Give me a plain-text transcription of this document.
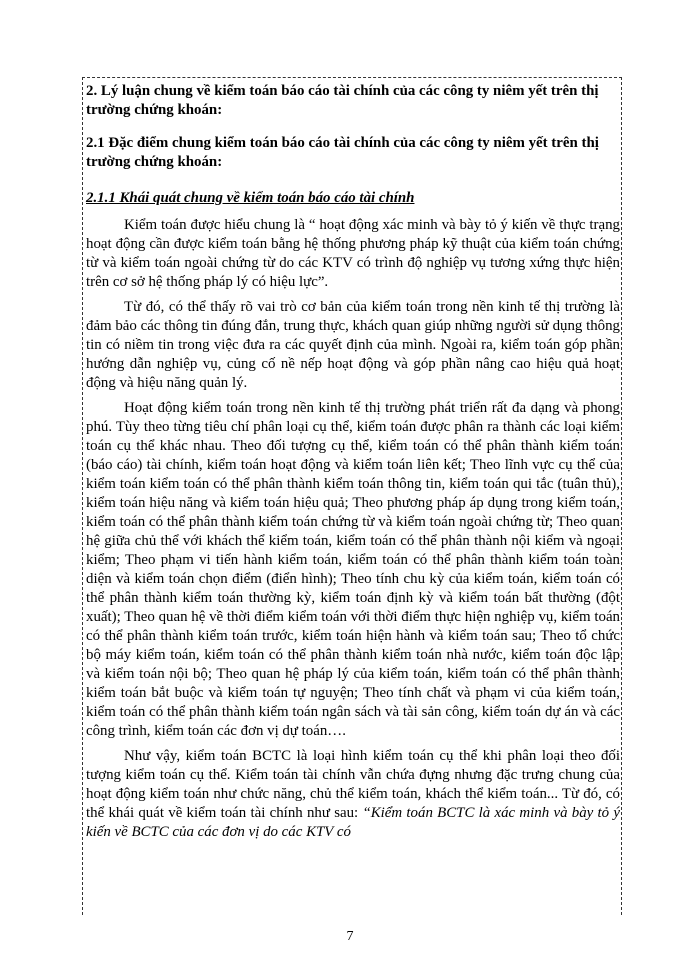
2. Lý luận chung về kiểm toán báo cáo tài chính của các công ty niêm yết trên thị trường chứng khoán:

2.1 Đặc điểm chung kiểm toán báo cáo tài chính của các công ty niêm yết trên thị trường chứng khoán:

2.1.1 Khái quát chung về kiểm toán báo cáo tài chính

Kiểm toán được hiểu chung là “ hoạt động xác minh và bày tỏ ý kiến về thực trạng hoạt động cần được kiểm toán bằng hệ thống phương pháp kỹ thuật của kiểm toán chứng từ và kiểm toán ngoài chứng từ do các KTV có trình độ nghiệp vụ tương xứng thực hiện trên cơ sở hệ thống pháp lý có hiệu lực”.

Từ đó, có thể thấy rõ vai trò cơ bản của kiểm toán trong nền kinh tế thị trường là đảm bảo các thông tin đúng đắn, trung thực, khách quan giúp những người sử dụng thông tin có niềm tin trong việc đưa ra các quyết định của mình. Ngoài ra, kiểm toán góp phần hướng dẫn nghiệp vụ, củng cố nề nếp hoạt động và góp phần nâng cao hiệu quả hoạt động và hiệu năng quản lý.

Hoạt động kiểm toán trong nền kinh tế thị trường phát triển rất đa dạng và phong phú. Tùy theo từng tiêu chí phân loại cụ thể, kiểm toán được phân ra thành các loại kiểm toán cụ thể khác nhau. Theo đối tượng cụ thể, kiểm toán có thể phân thành kiểm toán (báo cáo) tài chính, kiểm toán hoạt động và kiểm toán liên kết; Theo lĩnh vực cụ thể của kiểm toán kiểm toán có thể phân thành kiểm toán thông tin, kiểm toán qui tắc (tuân thủ), kiểm toán hiệu năng và kiểm toán hiệu quả; Theo phương pháp áp dụng trong kiểm toán, kiểm toán có thể phân thành kiểm toán chứng từ và kiểm toán ngoài chứng từ; Theo quan hệ giữa chủ thể với khách thể kiểm toán, kiểm toán có thể phân thành nội kiểm và ngoại kiểm; Theo phạm vi tiến hành kiểm toán, kiểm toán có thể phân thành kiểm toán toàn diện và kiểm toán chọn điểm (điển hình); Theo tính chu kỳ của kiểm toán, kiểm toán có thể phân thành kiểm toán thường kỳ, kiểm toán định kỳ và kiểm toán bất thường (đột xuất); Theo quan hệ về thời điểm kiểm toán với thời điểm thực hiện nghiệp vụ, kiểm toán có thể phân thành kiểm toán trước, kiểm toán hiện hành và kiểm toán sau; Theo tổ chức bộ máy kiểm toán, kiểm toán có thể phân thành kiểm toán nhà nước, kiểm toán độc lập và kiểm toán nội bộ; Theo quan hệ pháp lý của kiểm toán, kiểm toán có thể phân thành kiểm toán bắt buộc và kiểm toán tự nguyện; Theo tính chất và phạm vi của kiểm toán, kiểm toán có thể phân thành kiểm toán ngân sách và tài sản công, kiểm toán dự án và các công trình, kiểm toán các đơn vị dự toán….

Như vậy, kiểm toán BCTC là loại hình kiểm toán cụ thể khi phân loại theo đối tượng kiểm toán cụ thể. Kiểm toán tài chính vẫn chứa đựng nhưng đặc trưng chung của hoạt động kiểm toán như chức năng, chủ thể kiểm toán, khách thể kiểm toán... Từ đó, có thể khái quát về kiểm toán tài chính như sau: “Kiểm toán BCTC là xác minh và bày tỏ ý kiến về BCTC của các đơn vị do các KTV có

7
